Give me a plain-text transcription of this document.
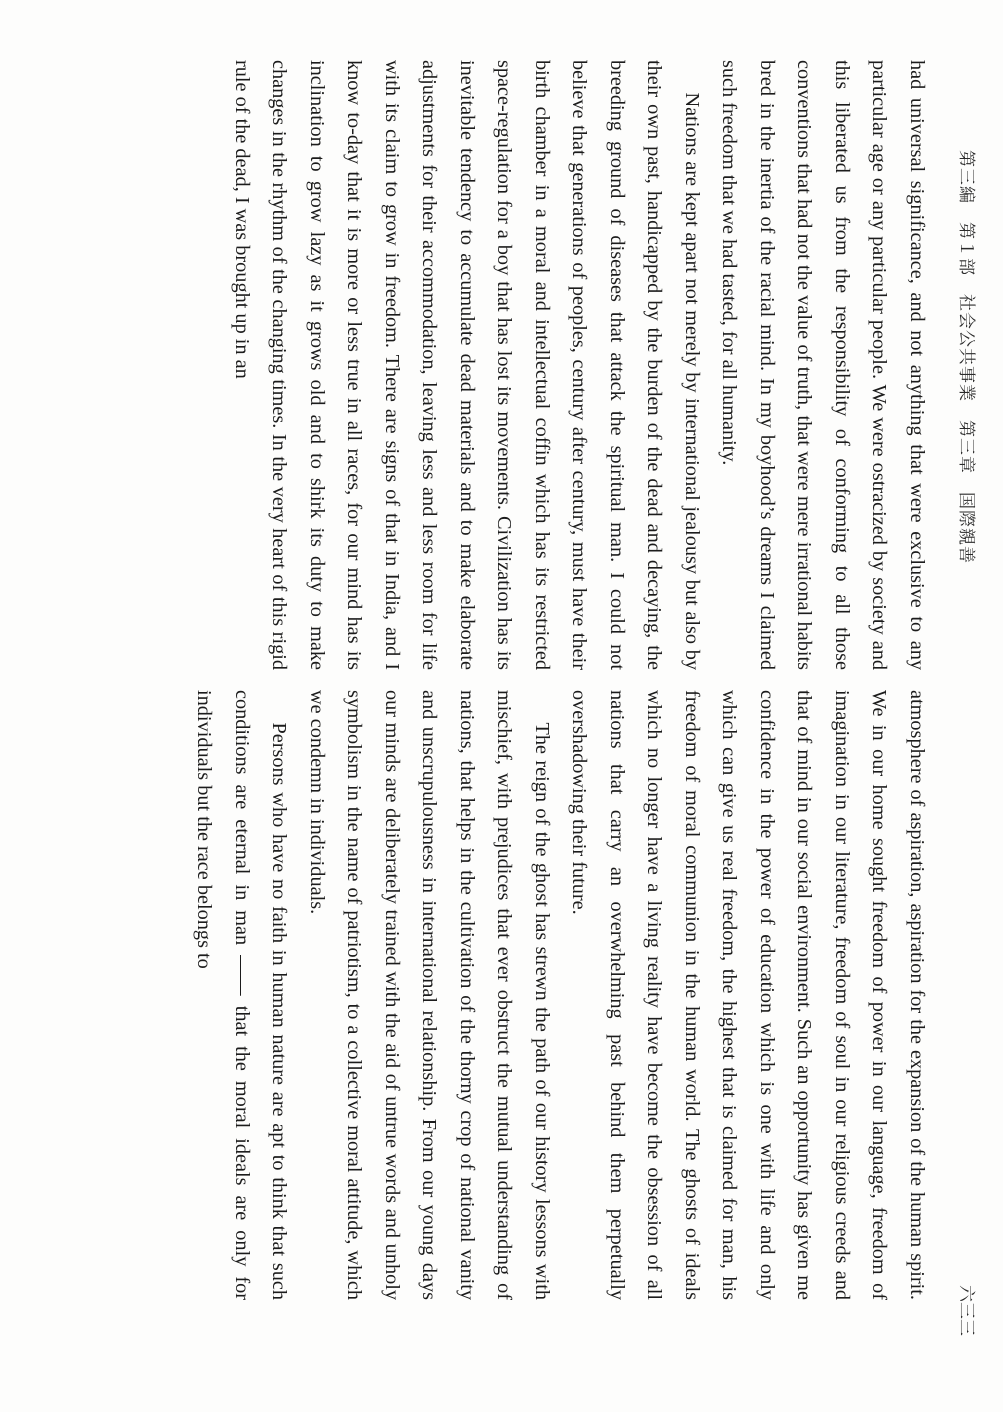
第三編　第１部　社会公共事業　第三章　国際親善
六三三

had universal significance, and not anything that were exclusive to any particular age or any particular people. We were ostracized by society and this liberated us from the responsibility of conforming to all those conventions that had not the value of truth, that were mere irrational habits bred in the inertia of the racial mind. In my boyhood’s dreams I claimed such freedom that we had tasted, for all humanity.

Nations are kept apart not merely by international jealousy but also by their own past, handicapped by the burden of the dead and decaying, the breeding ground of diseases that attack the spiritual man. I could not believe that generations of peoples, century after century, must have their birth chamber in a moral and intellectual coffin which has its restricted space-regulation for a boy that has lost its movements. Civilization has its inevitable tendency to accumulate dead materials and to make elaborate adjustments for their accommodation, leaving less and less room for life with its claim to grow in freedom. There are signs of that in India, and I know to-day that it is more or less true in all races, for our mind has its inclination to grow lazy as it grows old and to shirk its duty to make changes in the rhythm of the changing times. In the very heart of this rigid rule of the dead, I was brought up in an

atmosphere of aspiration, aspiration for the expansion of the human spirit. We in our home sought freedom of power in our language, freedom of imagination in our literature, freedom of soul in our religious creeds and that of mind in our social environment. Such an opportunity has given me confidence in the power of education which is one with life and only which can give us real freedom, the highest that is claimed for man, his freedom of moral communion in the human world. The ghosts of ideals which no longer have a living reality have become the obsession of all nations that carry an overwhelming past behind them perpetually overshadowing their future.

The reign of the ghost has strewn the path of our history lessons with mischief, with prejudices that ever obstruct the mutual understanding of nations, that helps in the cultivation of the thorny crop of national vanity and unscrupulousness in international relationship. From our young days our minds are deliberately trained with the aid of untrue words and unholy symbolism in the name of patriotism, to a collective moral attitude, which we condemn in individuals.

Persons who have no faith in human nature are apt to think that such conditions are eternal in man —— that the moral ideals are only for individuals but the race belongs to
